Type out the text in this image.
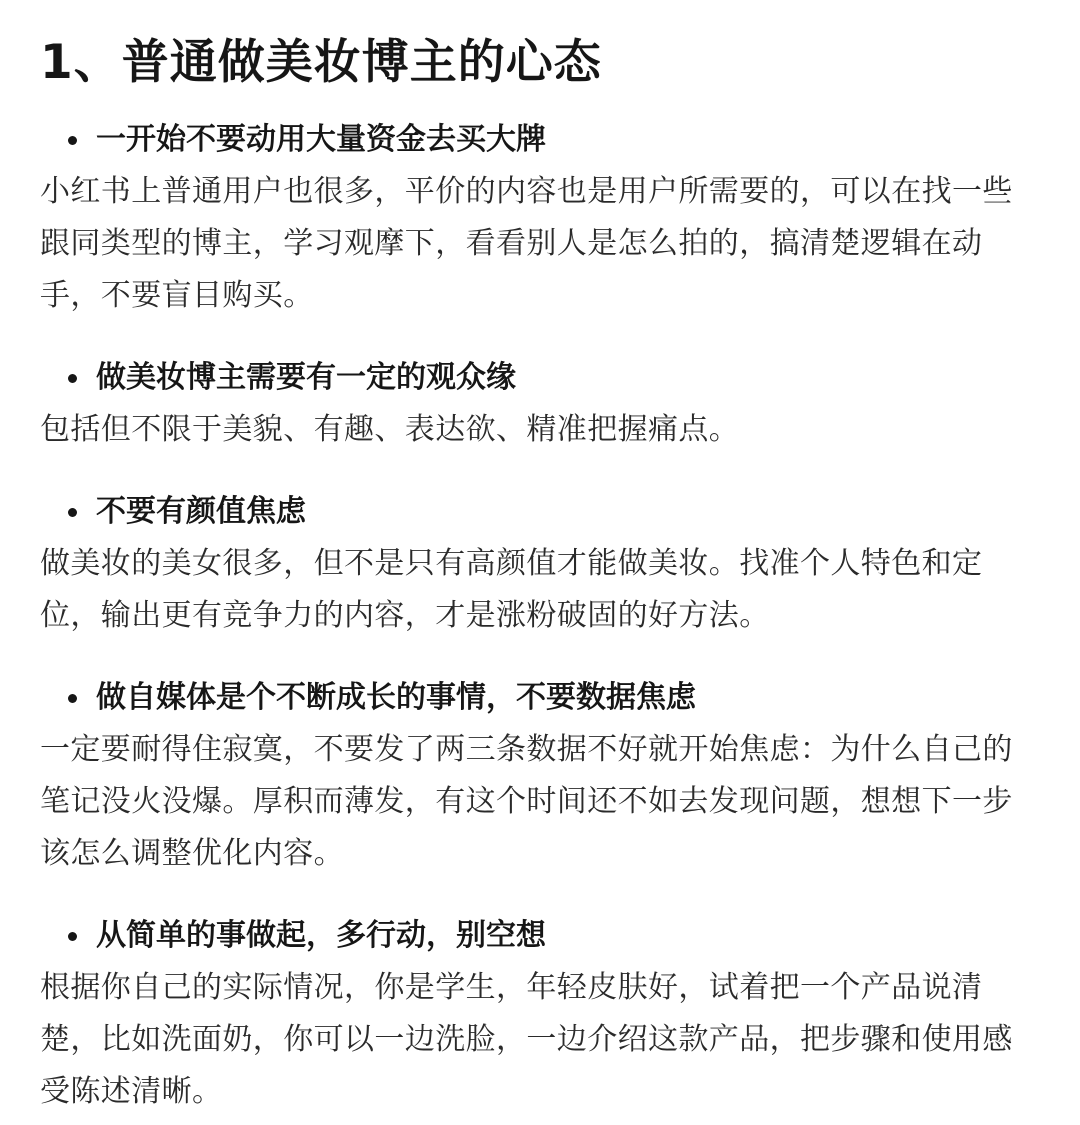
1、普通做美妆博主的心态
一开始不要动用大量资金去买大牌

小红书上普通用户也很多，平价的内容也是用户所需要的，可以在找一些跟同类型的博主，学习观摩下，看看别人是怎么拍的，搞清楚逻辑在动手，不要盲目购买。

做美妆博主需要有一定的观众缘

包括但不限于美貌、有趣、表达欲、精准把握痛点。

不要有颜值焦虑

做美妆的美女很多，但不是只有高颜值才能做美妆。找准个人特色和定位，输出更有竞争力的内容，才是涨粉破固的好方法。

做自媒体是个不断成长的事情，不要数据焦虑

一定要耐得住寂寞，不要发了两三条数据不好就开始焦虑：为什么自己的笔记没火没爆。厚积而薄发，有这个时间还不如去发现问题，想想下一步该怎么调整优化内容。

从简单的事做起，多行动，别空想

根据你自己的实际情况，你是学生，年轻皮肤好，试着把一个产品说清楚，比如洗面奶，你可以一边洗脸，一边介绍这款产品，把步骤和使用感受陈述清晰。
